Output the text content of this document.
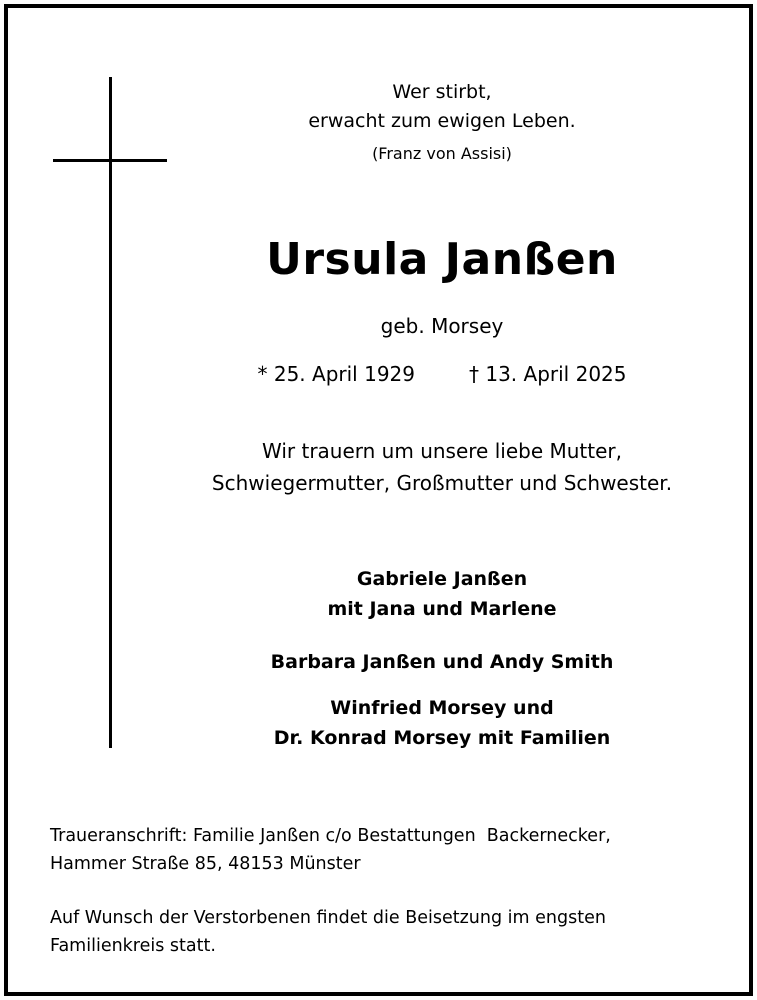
Wer stirbt,
erwacht zum ewigen Leben.
(Franz von Assisi)
Ursula Janßen
geb. Morsey
* 25. April 1929	† 13. April 2025
Wir trauern um unsere liebe Mutter,
Schwiegermutter, Großmutter und Schwester.
Gabriele Janßen
mit Jana und Marlene
Barbara Janßen und Andy Smith
Winfried Morsey und
Dr. Konrad Morsey mit Familien
Traueranschrift: Familie Janßen c/o Bestattungen  Backernecker,
Hammer Straße 85, 48153 Münster
Auf Wunsch der Verstorbenen findet die Beisetzung im engsten
Familienkreis statt.
